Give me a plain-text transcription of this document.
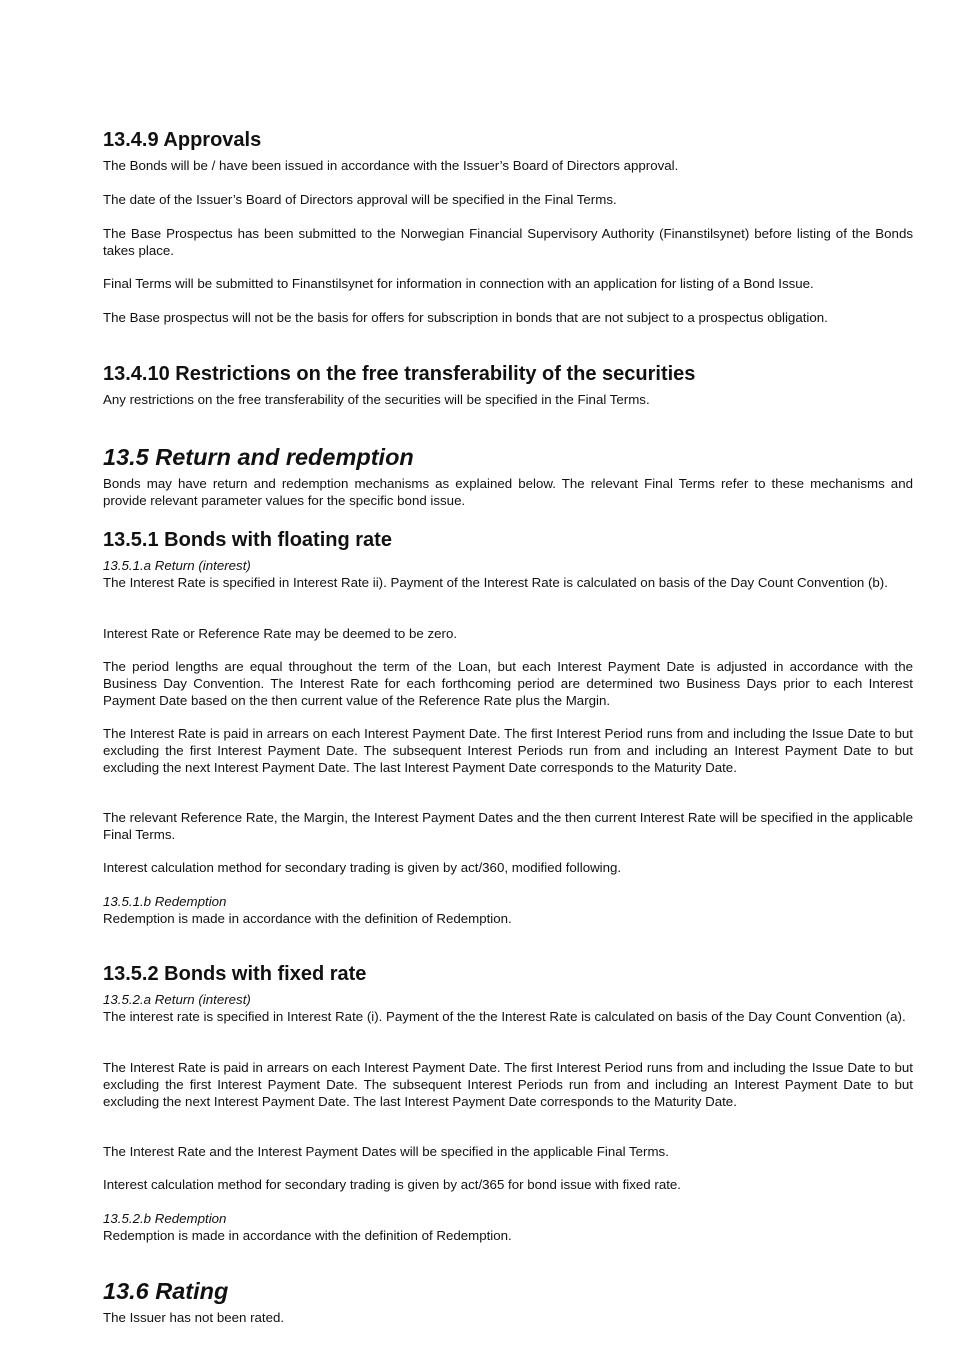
13.4.9 Approvals

The Bonds will be / have been issued in accordance with the Issuer’s Board of Directors approval.

The date of the Issuer’s Board of Directors approval will be specified in the Final Terms.

The Base Prospectus has been submitted to the Norwegian Financial Supervisory Authority (Finanstilsynet) before listing of the Bonds takes place.

Final Terms will be submitted to Finanstilsynet for information in connection with an application for listing of a Bond Issue.

The Base prospectus will not be the basis for offers for subscription in bonds that are not subject to a prospectus obligation.

13.4.10 Restrictions on the free transferability of the securities

Any restrictions on the free transferability of the securities will be specified in the Final Terms.

13.5 Return and redemption

Bonds may have return and redemption mechanisms as explained below. The relevant Final Terms refer to these mechanisms and provide relevant parameter values for the specific bond issue.

13.5.1 Bonds with floating rate
13.5.1.a Return (interest)

The Interest Rate is specified in Interest Rate ii). Payment of the Interest Rate is calculated on basis of the Day Count Convention (b).

Interest Rate or Reference Rate may be deemed to be zero.

The period lengths are equal throughout the term of the Loan, but each Interest Payment Date is adjusted in accordance with the Business Day Convention. The Interest Rate for each forthcoming period are determined two Business Days prior to each Interest Payment Date based on the then current value of the Reference Rate plus the Margin.

The Interest Rate is paid in arrears on each Interest Payment Date. The first Interest Period runs from and including the Issue Date to but excluding the first Interest Payment Date. The subsequent Interest Periods run from and including an Interest Payment Date to but excluding the next Interest Payment Date. The last Interest Payment Date corresponds to the Maturity Date.

The relevant Reference Rate, the Margin, the Interest Payment Dates and the then current Interest Rate will be specified in the applicable Final Terms.

Interest calculation method for secondary trading is given by act/360, modified following.

13.5.1.b Redemption

Redemption is made in accordance with the definition of Redemption.

13.5.2 Bonds with fixed rate
13.5.2.a Return (interest)

The interest rate is specified in Interest Rate (i). Payment of the the Interest Rate is calculated on basis of the Day Count Convention (a).

The Interest Rate is paid in arrears on each Interest Payment Date. The first Interest Period runs from and including the Issue Date to but excluding the first Interest Payment Date. The subsequent Interest Periods run from and including an Interest Payment Date to but excluding the next Interest Payment Date. The last Interest Payment Date corresponds to the Maturity Date.

The Interest Rate and the Interest Payment Dates will be specified in the applicable Final Terms.

Interest calculation method for secondary trading is given by act/365 for bond issue with fixed rate.

13.5.2.b Redemption

Redemption is made in accordance with the definition of Redemption.

13.6 Rating

The Issuer has not been rated.
